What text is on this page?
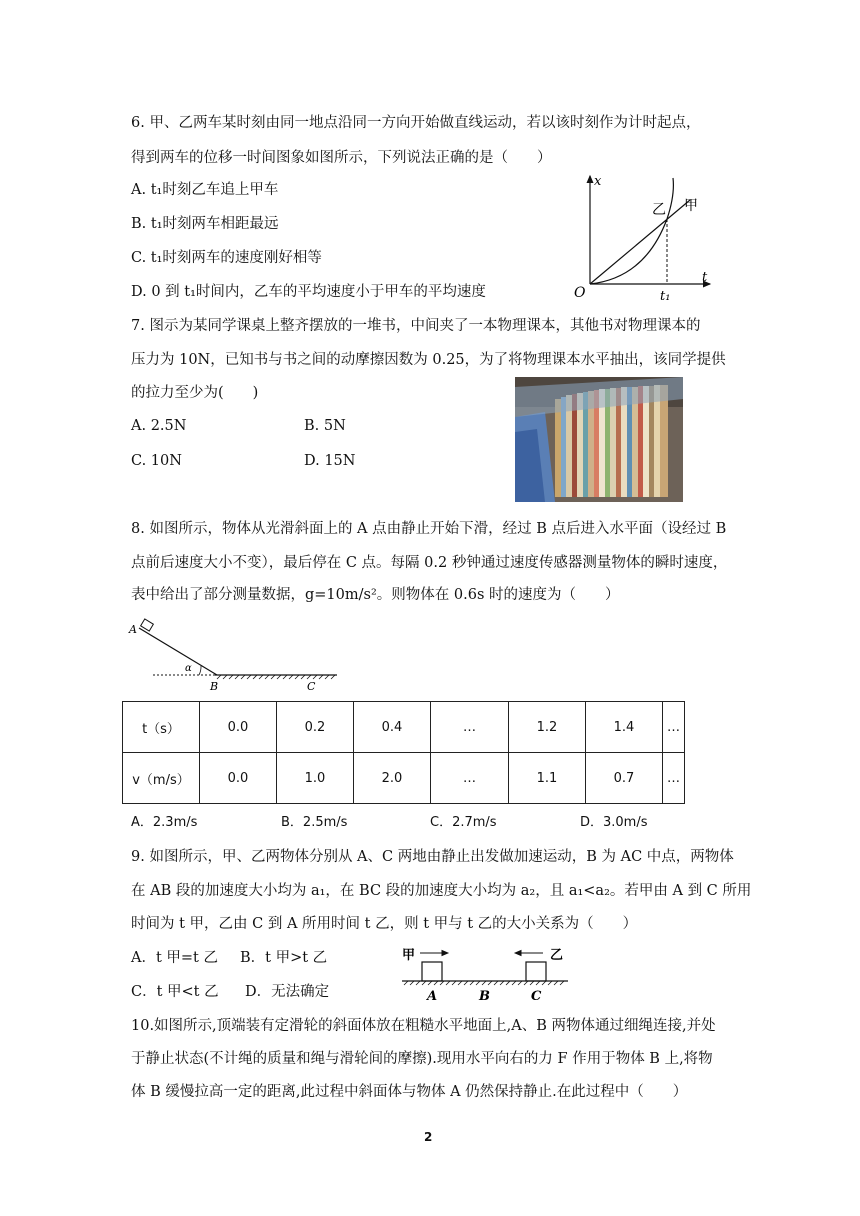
6. 甲、乙两车某时刻由同一地点沿同一方向开始做直线运动，若以该时刻作为计时起点，
得到两车的位移一时间图象如图所示，下列说法正确的是（　　）
A. t₁时刻乙车追上甲车
B. t₁时刻两车相距最远
C. t₁时刻两车的速度刚好相等
D. 0 到 t₁时间内，乙车的平均速度小于甲车的平均速度
x
t
O	t₁
乙 甲
7. 图示为某同学课桌上整齐摆放的一堆书，中间夹了一本物理课本，其他书对物理课本的
压力为 10N，已知书与书之间的动摩擦因数为 0.25，为了将物理课本水平抽出，该同学提供
的拉力至少为(　　)
A. 2.5N	B. 5N
C. 10N	D. 15N
8. 如图所示，物体从光滑斜面上的 A 点由静止开始下滑，经过 B 点后进入水平面（设经过 B
点前后速度大小不变），最后停在 C 点。每隔 0.2 秒钟通过速度传感器测量物体的瞬时速度，
表中给出了部分测量数据，g=10m/s²。则物体在 0.6s 时的速度为（　　）
A
α
B	C
t（s）	0.0	0.2	0.4	…	1.2	1.4	…
v（m/s）	0.0	1.0	2.0	…	1.1	0.7	…
A．2.3m/s	B．2.5m/s	C．2.7m/s	D．3.0m/s
9. 如图所示，甲、乙两物体分别从 A、C 两地由静止出发做加速运动，B 为 AC 中点，两物体
在 AB 段的加速度大小均为 a₁，在 BC 段的加速度大小均为 a₂，且 a₁<a₂。若甲由 A 到 C 所用
时间为 t 甲，乙由 C 到 A 所用时间 t 乙，则 t 甲与 t 乙的大小关系为（　　）
A．t 甲=t 乙 B．t 甲>t 乙
C．t 甲<t 乙 D．无法确定
甲	乙
A	B	C
10.如图所示,顶端装有定滑轮的斜面体放在粗糙水平地面上,A、B 两物体通过细绳连接,并处
于静止状态(不计绳的质量和绳与滑轮间的摩擦).现用水平向右的力 F 作用于物体 B 上,将物
体 B 缓慢拉高一定的距离,此过程中斜面体与物体 A 仍然保持静止.在此过程中（　　）
2
